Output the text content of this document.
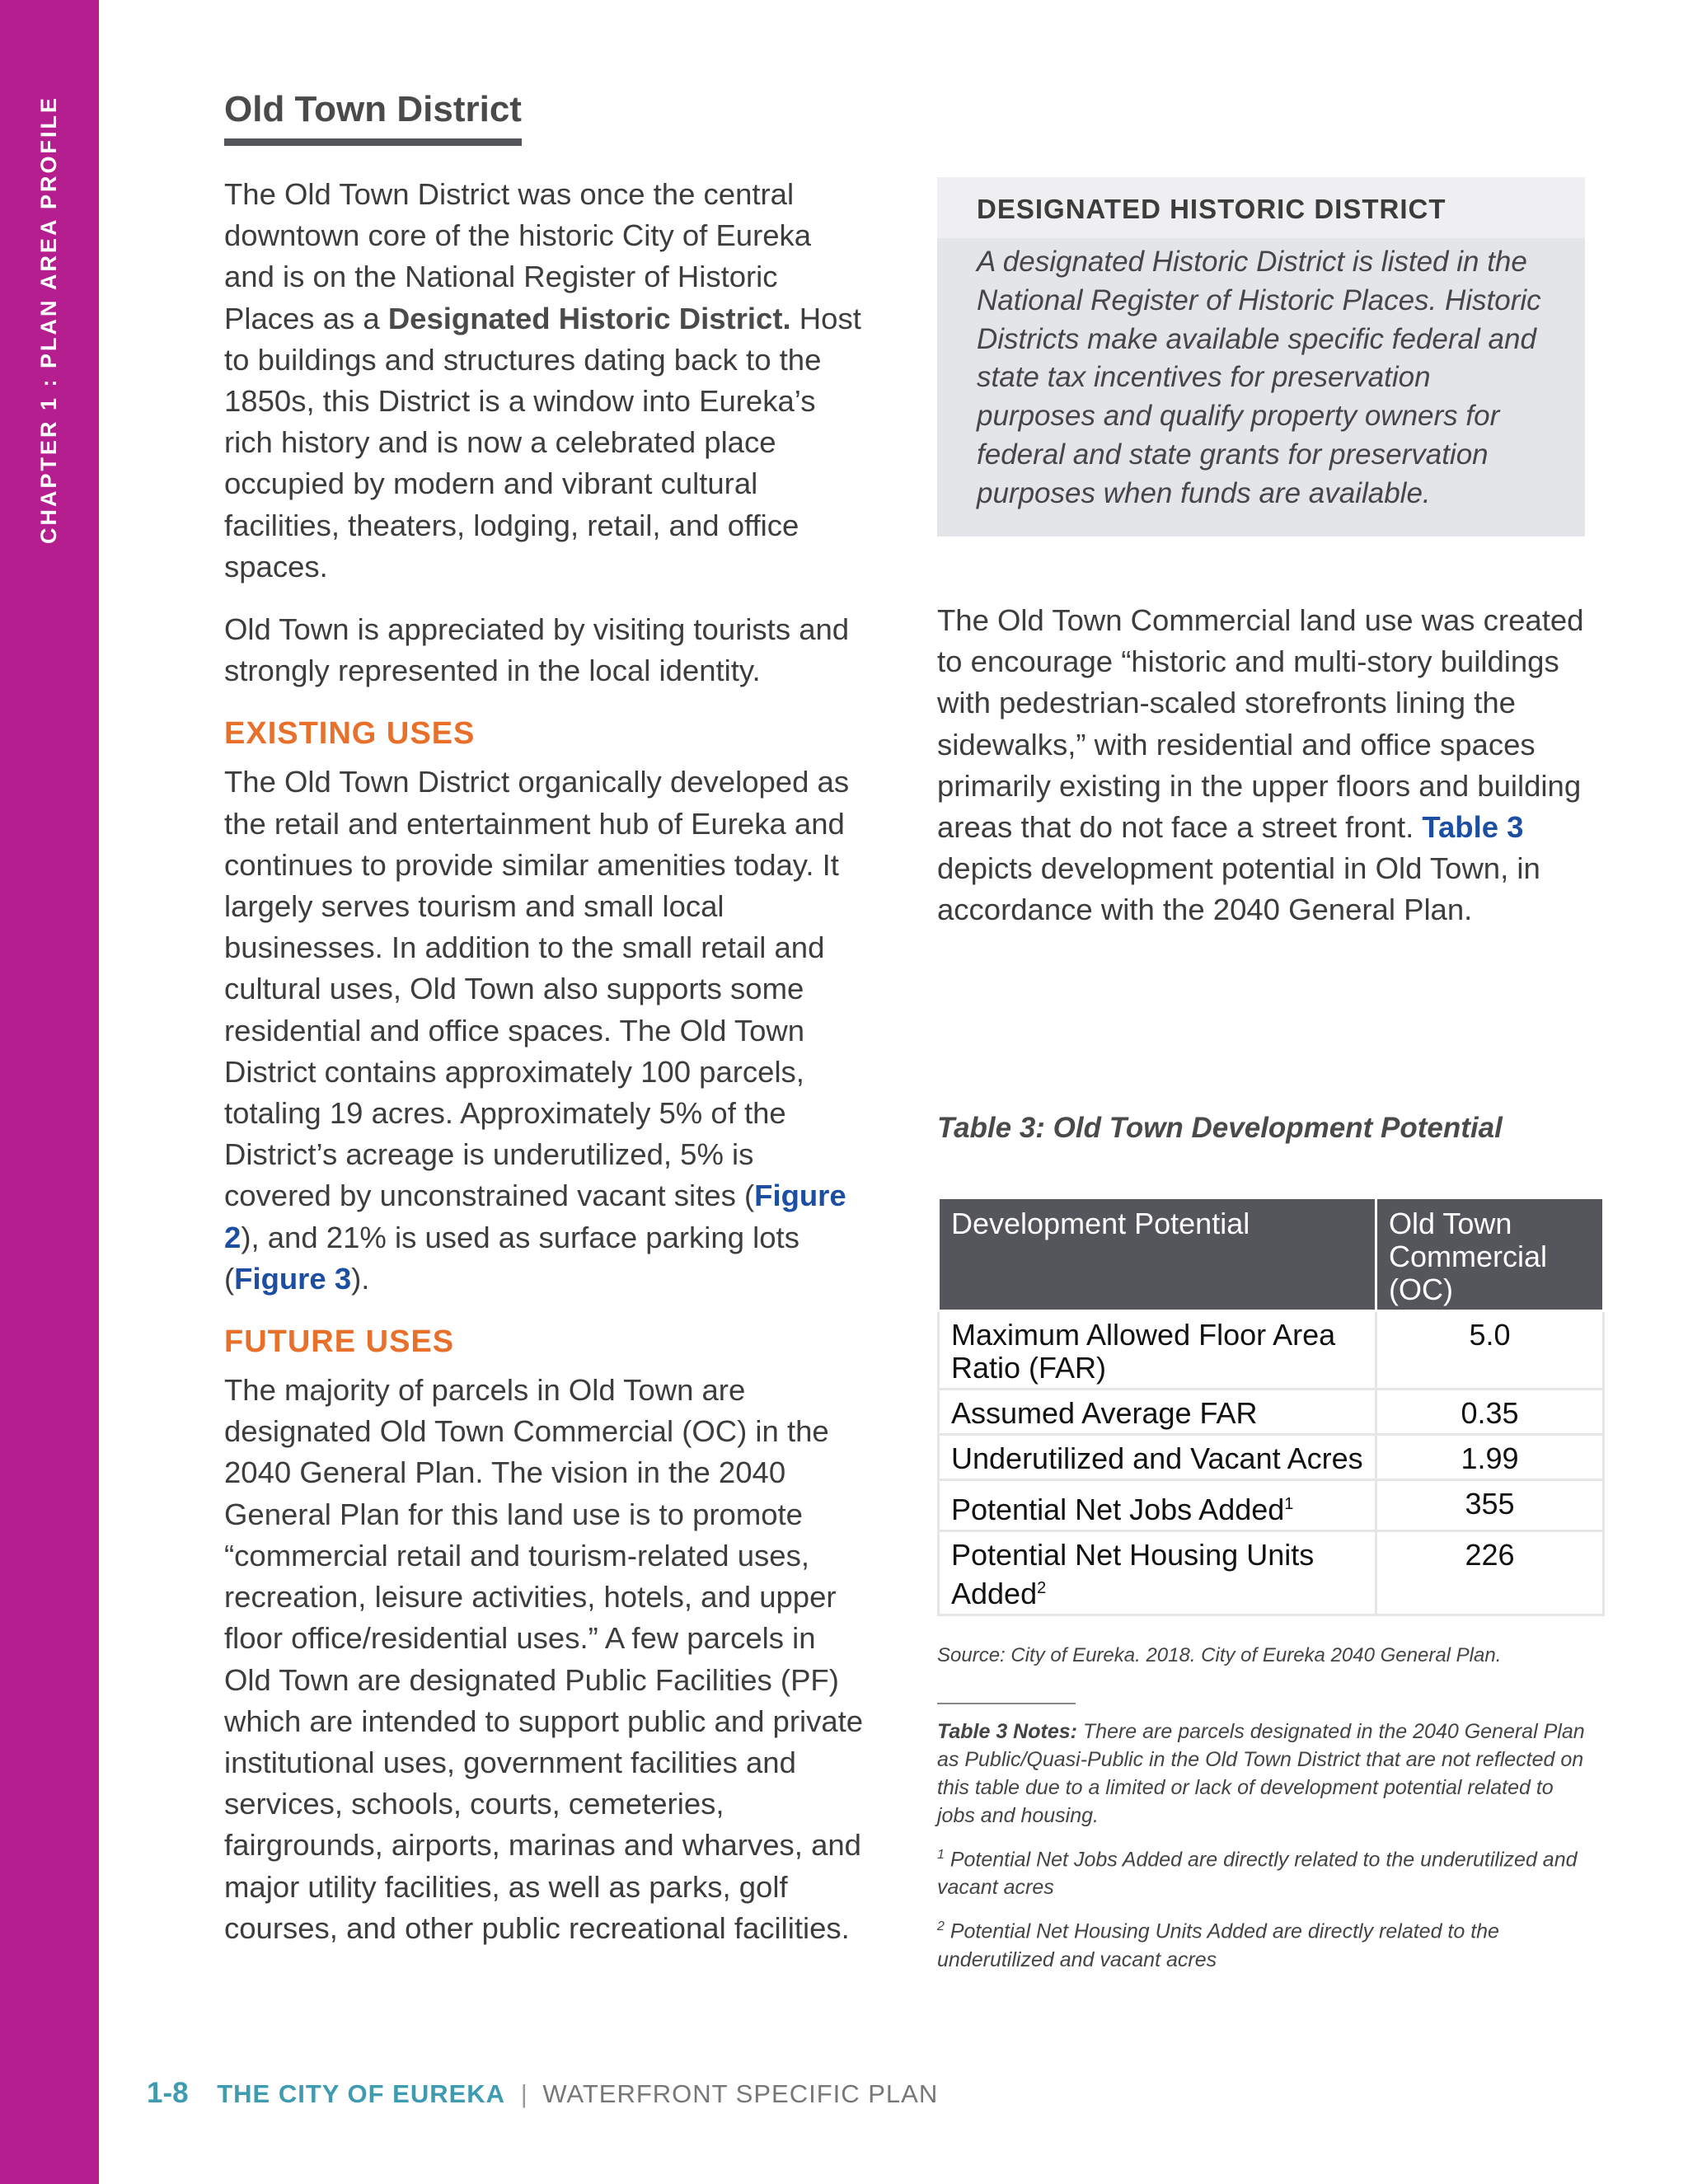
CHAPTER 1 : PLAN AREA PROFILE	Old Town District

The Old Town District was once the central downtown core of the historic City of Eureka and is on the National Register of Historic Places as a Designated Historic District. Host to buildings and structures dating back to the 1850s, this District is a window into Eureka’s rich history and is now a celebrated place occupied by modern and vibrant cultural facilities, theaters, lodging, retail, and office spaces.

Old Town is appreciated by visiting tourists and strongly represented in the local identity.

EXISTING USES

The Old Town District organically developed as the retail and entertainment hub of Eureka and continues to provide similar amenities today. It largely serves tourism and small local businesses. In addition to the small retail and cultural uses, Old Town also supports some residential and office spaces. The Old Town District contains approximately 100 parcels, totaling 19 acres. Approximately 5% of the District’s acreage is underutilized, 5% is covered by unconstrained vacant sites (Figure 2), and 21% is used as surface parking lots (Figure 3).

FUTURE USES

The majority of parcels in Old Town are designated Old Town Commercial (OC) in the 2040 General Plan. The vision in the 2040 General Plan for this land use is to promote “commercial retail and tourism-related uses, recreation, leisure activities, hotels, and upper floor office/residential uses.” A few parcels in Old Town are designated Public Facilities (PF) which are intended to support public and private institutional uses, government facilities and services, schools, courts, cemeteries, fairgrounds, airports, marinas and wharves, and major utility facilities, as well as parks, golf courses, and other public recreational facilities.

DESIGNATED HISTORIC DISTRICT
A designated Historic District is listed in the National Register of Historic Places. Historic Districts make available specific federal and state tax incentives for preservation purposes and qualify property owners for federal and state grants for preservation purposes when funds are available.

The Old Town Commercial land use was created to encourage “historic and multi-story buildings with pedestrian-scaled storefronts lining the sidewalks,” with residential and office spaces primarily existing in the upper floors and building areas that do not face a street front. Table 3 depicts development potential in Old Town, in accordance with the 2040 General Plan.

Table 3: Old Town Development Potential
Development Potential	Old Town Commercial (OC)
Maximum Allowed Floor Area Ratio (FAR)	5.0
Assumed Average FAR	0.35
Underutilized and Vacant Acres	1.99
Potential Net Jobs Added$^1$	355
Potential Net Housing Units Added$^2$	226
Source: City of Eureka. 2018. City of Eureka 2040 General Plan.

Table 3 Notes: There are parcels designated in the 2040 General Plan as Public/Quasi-Public in the Old Town District that are not reflected on this table due to a limited or lack of development potential related to jobs and housing.

$^1$ Potential Net Jobs Added are directly related to the underutilized and vacant acres

$^2$ Potential Net Housing Units Added are directly related to the underutilized and vacant acres

1-8 THE CITY OF EUREKA | WATERFRONT SPECIFIC PLAN
